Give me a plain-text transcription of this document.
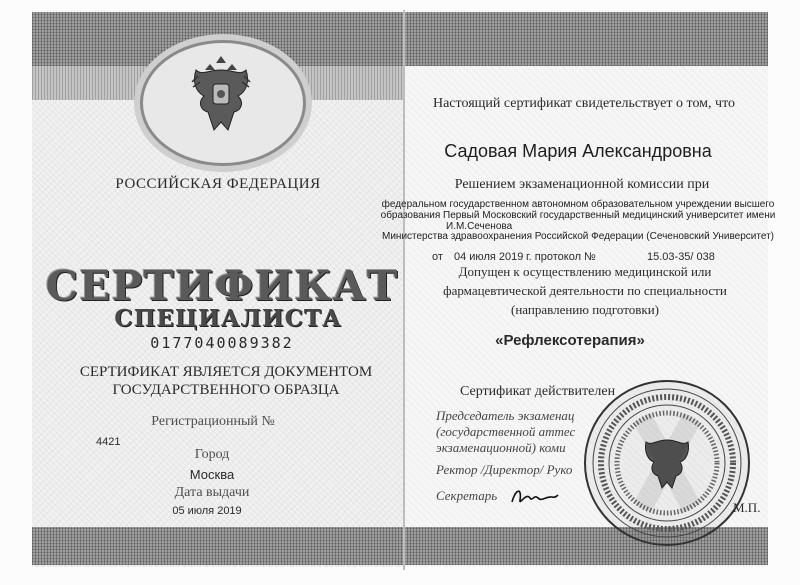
РОССИЙСКАЯ ФЕДЕРАЦИЯ
СЕРТИФИКАТ
СПЕЦИАЛИСТА
0177040089382
СЕРТИФИКАТ ЯВЛЯЕТСЯ ДОКУМЕНТОМ
ГОСУДАРСТВЕННОГО ОБРАЗЦА
Регистрационный №
4421
Город
Москва
Дата выдачи
05 июля 2019
Настоящий сертификат свидетельствует о том, что
Садовая Мария Александровна
Решением экзаменационной комиссии при
федеральном государственном автономном образовательном учреждении высшего
образования Первый Московский государственный медицинский университет имени
И.М.Сеченова
Министерства здравоохранения Российской Федерации (Сеченовский Университет)
от 04 июля 2019 г. протокол №	15.03-35/ 038
Допущен к осуществлению медицинской или
фармацевтической деятельности по специальности
(направлению подготовки)
«Рефлексотерапия»
Сертификат действителен
Председатель экзаменац
(государственной аттес
экзаменационной) коми
Ректор /Директор/ Руко
Секретарь
М.П.
